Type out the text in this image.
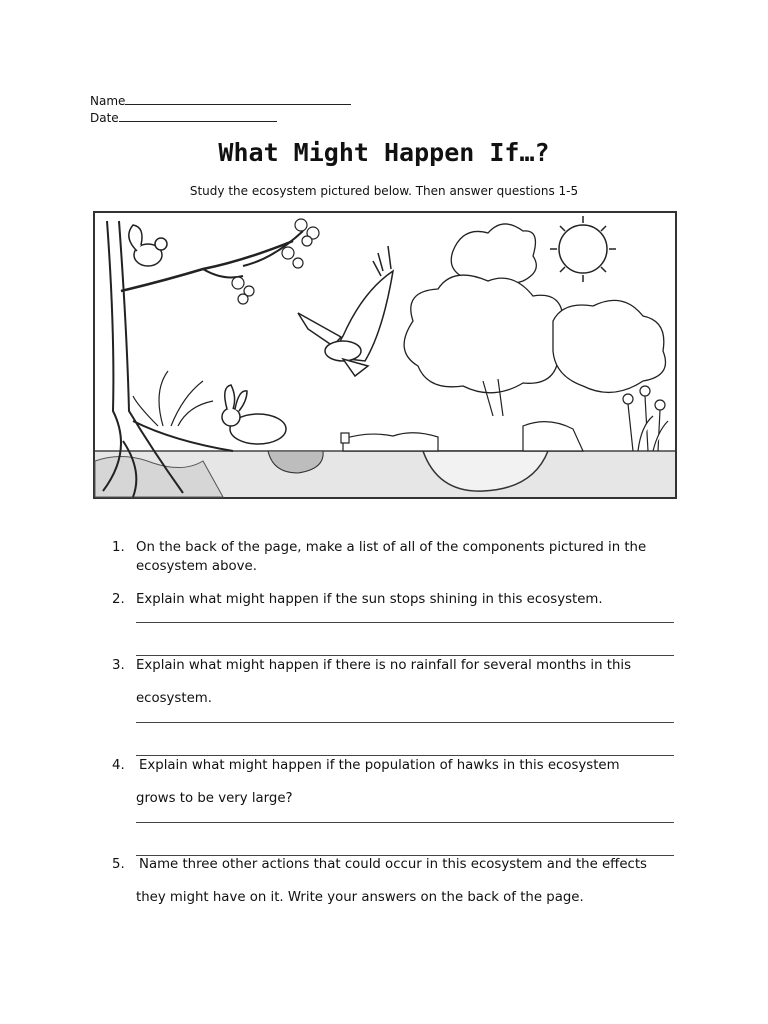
Name
Date
What Might Happen If…?
Study the ecosystem pictured below. Then answer questions 1-5
1. On the back of the page, make a list of all of the components pictured in the ecosystem above.
2. Explain what might happen if the sun stops shining in this ecosystem.
3. Explain what might happen if there is no rainfall for several months in this
ecosystem.
4. Explain what might happen if the population of hawks in this ecosystem
grows to be very large?
5. Name three other actions that could occur in this ecosystem and the effects
they might have on it. Write your answers on the back of the page.
